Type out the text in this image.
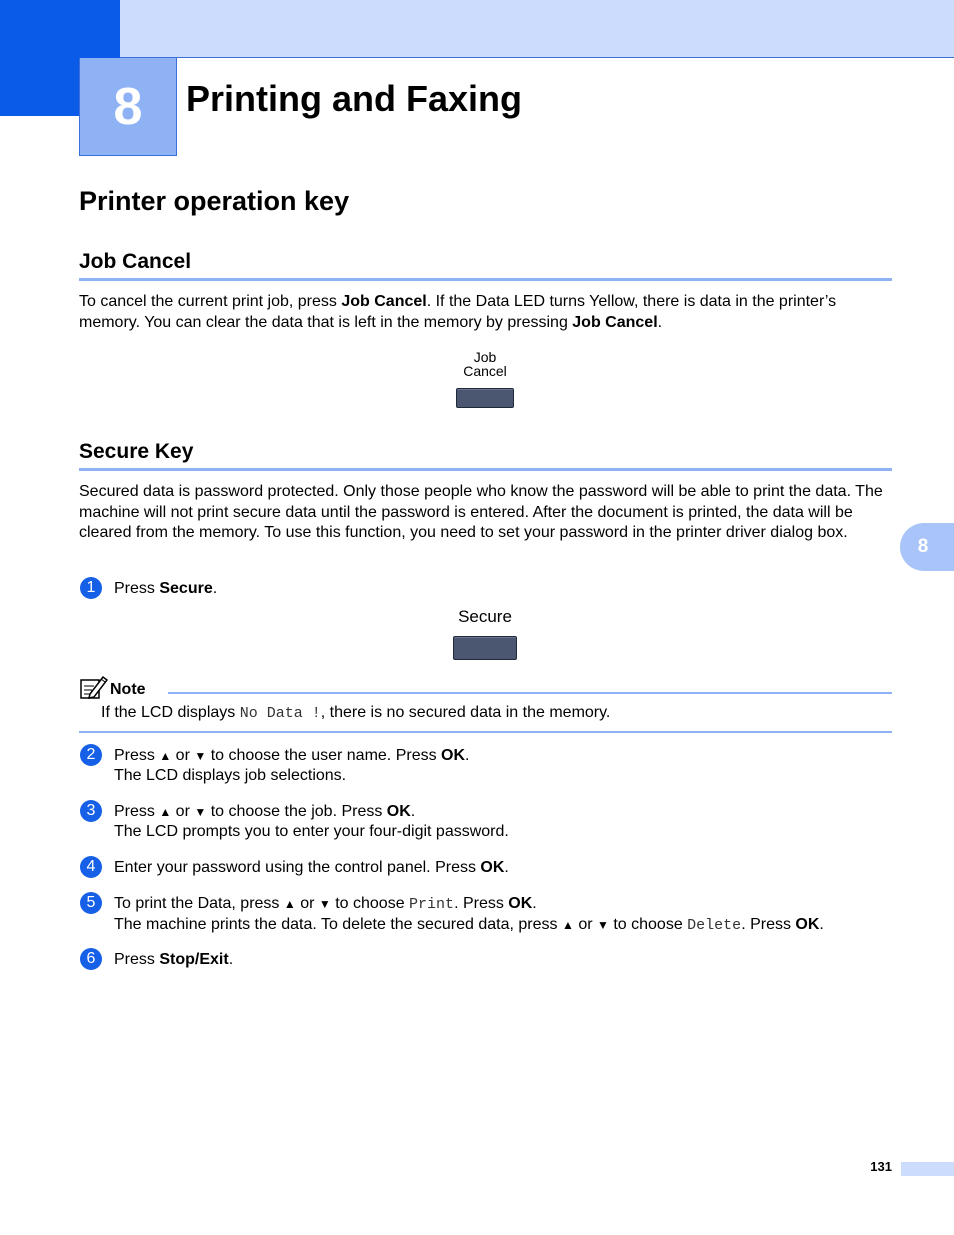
8	Printing and Faxing
Printer operation key
Job Cancel
To cancel the current print job, press Job Cancel. If the Data LED turns Yellow, there is data in the printer’s memory. You can clear the data that is left in the memory by pressing Job Cancel.
Job
Cancel
Secure Key
Secured data is password protected. Only those people who know the password will be able to print the data. The machine will not print secure data until the password is entered. After the document is printed, the data will be cleared from the memory. To use this function, you need to set your password in the printer driver dialog box.
1	Press Secure.
Secure
Note
If the LCD displays No Data !, there is no secured data in the memory.
2	Press ▲ or ▼ to choose the user name. Press OK.
The LCD displays job selections.
3	Press ▲ or ▼ to choose the job. Press OK.
The LCD prompts you to enter your four-digit password.
4	Enter your password using the control panel. Press OK.
5	To print the Data, press ▲ or ▼ to choose Print. Press OK.
The machine prints the data. To delete the secured data, press ▲ or ▼ to choose Delete. Press OK.
6	Press Stop/Exit.
8
131
